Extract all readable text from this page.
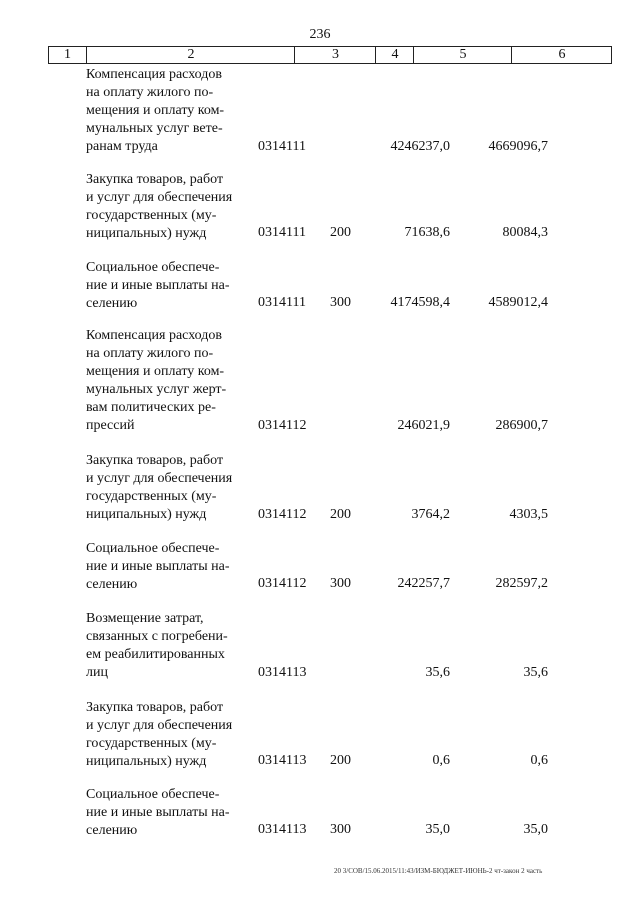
236
1	2	3	4	5	6
Компенсация расходов
на оплату жилого по-
мещения и оплату ком-
мунальных услуг вете-
ранам труда	0314111	4246237,0	4669096,7
Закупка товаров, работ
и услуг для обеспечения
государственных (му-
ниципальных) нужд	0314111 200	71638,6	80084,3
Социальное обеспече-
ние и иные выплаты на-
селению	0314111 300	4174598,4	4589012,4
Компенсация расходов
на оплату жилого по-
мещения и оплату ком-
мунальных услуг жерт-
вам политических ре-
прессий	0314112	246021,9	286900,7
Закупка товаров, работ
и услуг для обеспечения
государственных (му-
ниципальных) нужд	0314112 200	3764,2	4303,5
Социальное обеспече-
ние и иные выплаты на-
селению	0314112 300	242257,7	282597,2
Возмещение затрат,
связанных с погребени-
ем реабилитированных
лиц	0314113	35,6	35,6
Закупка товаров, работ
и услуг для обеспечения
государственных (му-
ниципальных) нужд	0314113 200	0,6	0,6
Социальное обеспече-
ние и иные выплаты на-
селению	0314113 300	35,0	35,0
20 3/СОВ/15.06.2015/11:43/ИЗМ-БЮДЖЕТ-ИЮНЬ-2 чт-закон 2 часть
